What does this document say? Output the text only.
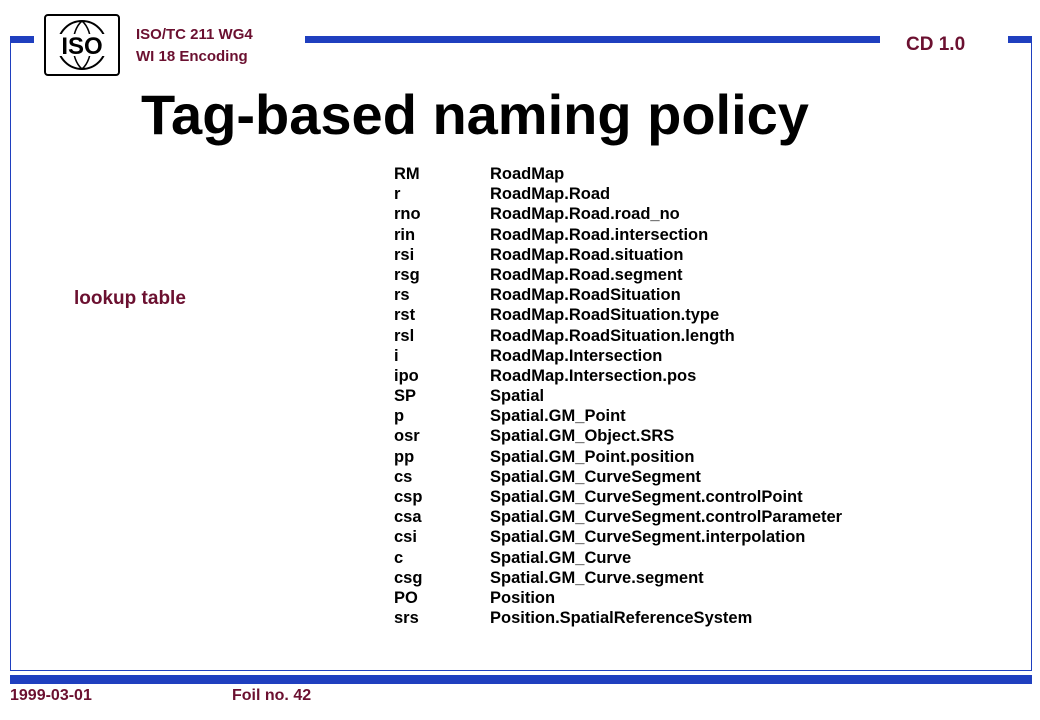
ISO ISO/TC 211 WG4
WI 18 Encoding
CD 1.0
Tag-based naming policy
lookup table
RM	RoadMap
r	RoadMap.Road
rno	RoadMap.Road.road_no
rin	RoadMap.Road.intersection
rsi	RoadMap.Road.situation
rsg	RoadMap.Road.segment
rs	RoadMap.RoadSituation
rst	RoadMap.RoadSituation.type
rsl	RoadMap.RoadSituation.length
i	RoadMap.Intersection
ipo	RoadMap.Intersection.pos
SP	Spatial
p	Spatial.GM_Point
osr	Spatial.GM_Object.SRS
pp	Spatial.GM_Point.position
cs	Spatial.GM_CurveSegment
csp	Spatial.GM_CurveSegment.controlPoint
csa	Spatial.GM_CurveSegment.controlParameter
csi	Spatial.GM_CurveSegment.interpolation
c	Spatial.GM_Curve
csg	Spatial.GM_Curve.segment
PO	Position
srs	Position.SpatialReferenceSystem
1999-03-01	Foil no. 42
